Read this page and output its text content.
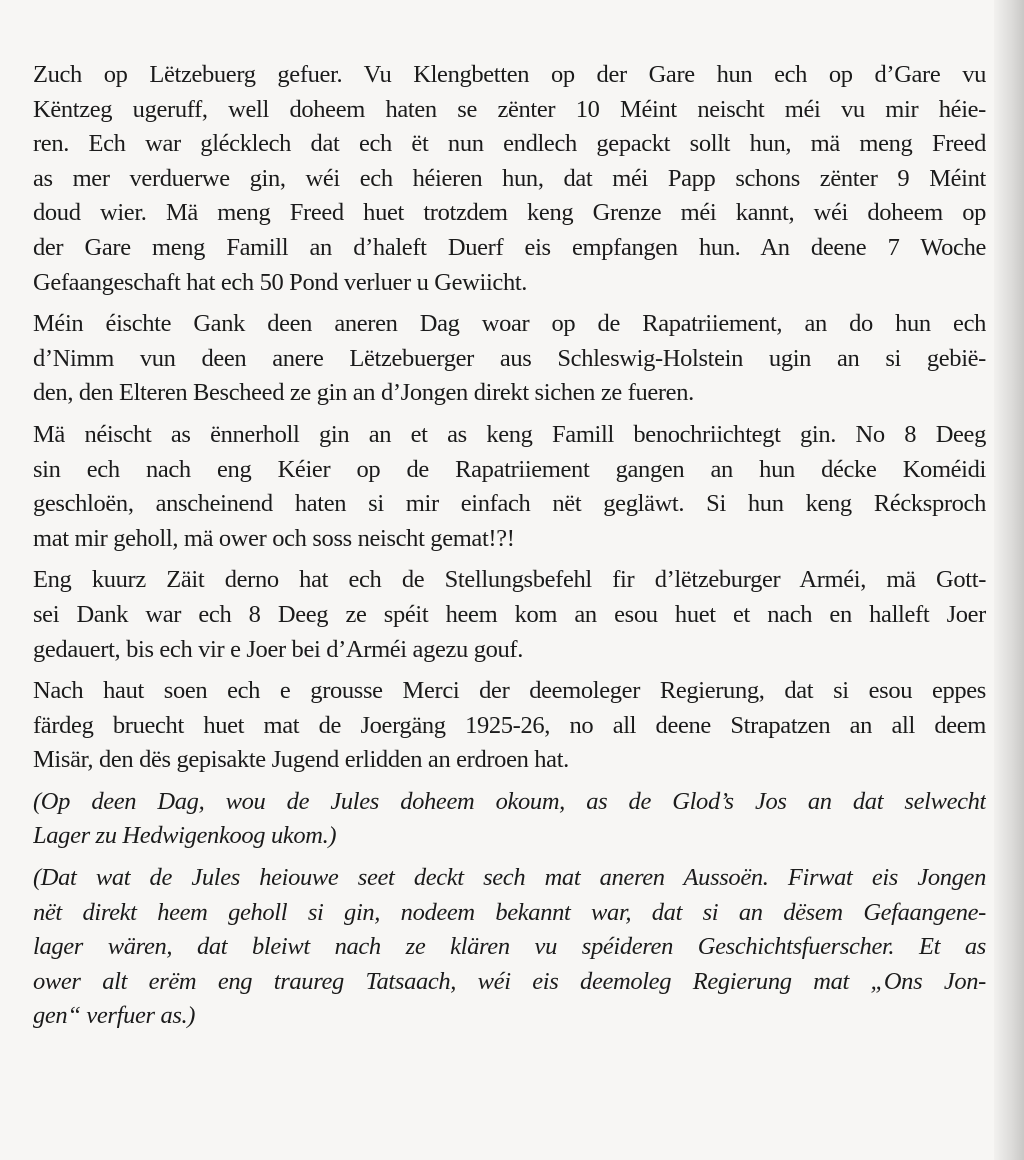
Zuch op Lëtzebuerg gefuer. Vu Klengbetten op der Gare hun ech op d’Gare vu
Këntzeg ugeruff, well doheem haten se zënter 10 Méint neischt méi vu mir héie-
ren. Ech war glécklech dat ech ët nun endlech gepackt sollt hun, mä meng Freed
as mer verduerwe gin, wéi ech héieren hun, dat méi Papp schons zënter 9 Méint
doud wier. Mä meng Freed huet trotzdem keng Grenze méi kannt, wéi doheem op
der Gare meng Famill an d’haleft Duerf eis empfangen hun. An deene 7 Woche
Gefaangeschaft hat ech 50 Pond verluer u Gewiicht.
Méin éischte Gank deen aneren Dag woar op de Rapatriiement, an do hun ech
d’Nimm vun deen anere Lëtzebuerger aus Schleswig-Holstein ugin an si gebië-
den, den Elteren Bescheed ze gin an d’Jongen direkt sichen ze fueren.
Mä néischt as ënnerholl gin an et as keng Famill benochriichtegt gin. No 8 Deeg
sin ech nach eng Kéier op de Rapatriiement gangen an hun décke Koméidi
geschloën, anscheinend haten si mir einfach nët gegläwt. Si hun keng Récksproch
mat mir geholl, mä ower och soss neischt gemat!?!
Eng kuurz Zäit derno hat ech de Stellungsbefehl fir d’lëtzeburger Arméi, mä Gott-
sei Dank war ech 8 Deeg ze spéit heem kom an esou huet et nach en halleft Joer
gedauert, bis ech vir e Joer bei d’Arméi agezu gouf.
Nach haut soen ech e grousse Merci der deemoleger Regierung, dat si esou eppes
färdeg bruecht huet mat de Joergäng 1925-26, no all deene Strapatzen an all deem
Misär, den dës gepisakte Jugend erlidden an erdroen hat.
(Op deen Dag, wou de Jules doheem okoum, as de Glod’s Jos an dat selwecht
Lager zu Hedwigenkoog ukom.)
(Dat wat de Jules heiouwe seet deckt sech mat aneren Aussoën. Firwat eis Jongen
nët direkt heem geholl si gin, nodeem bekannt war, dat si an dësem Gefaangene-
lager wären, dat bleiwt nach ze klären vu spéideren Geschichtsfuerscher. Et as
ower alt erëm eng traureg Tatsaach, wéi eis deemoleg Regierung mat „Ons Jon-
gen“ verfuer as.)
